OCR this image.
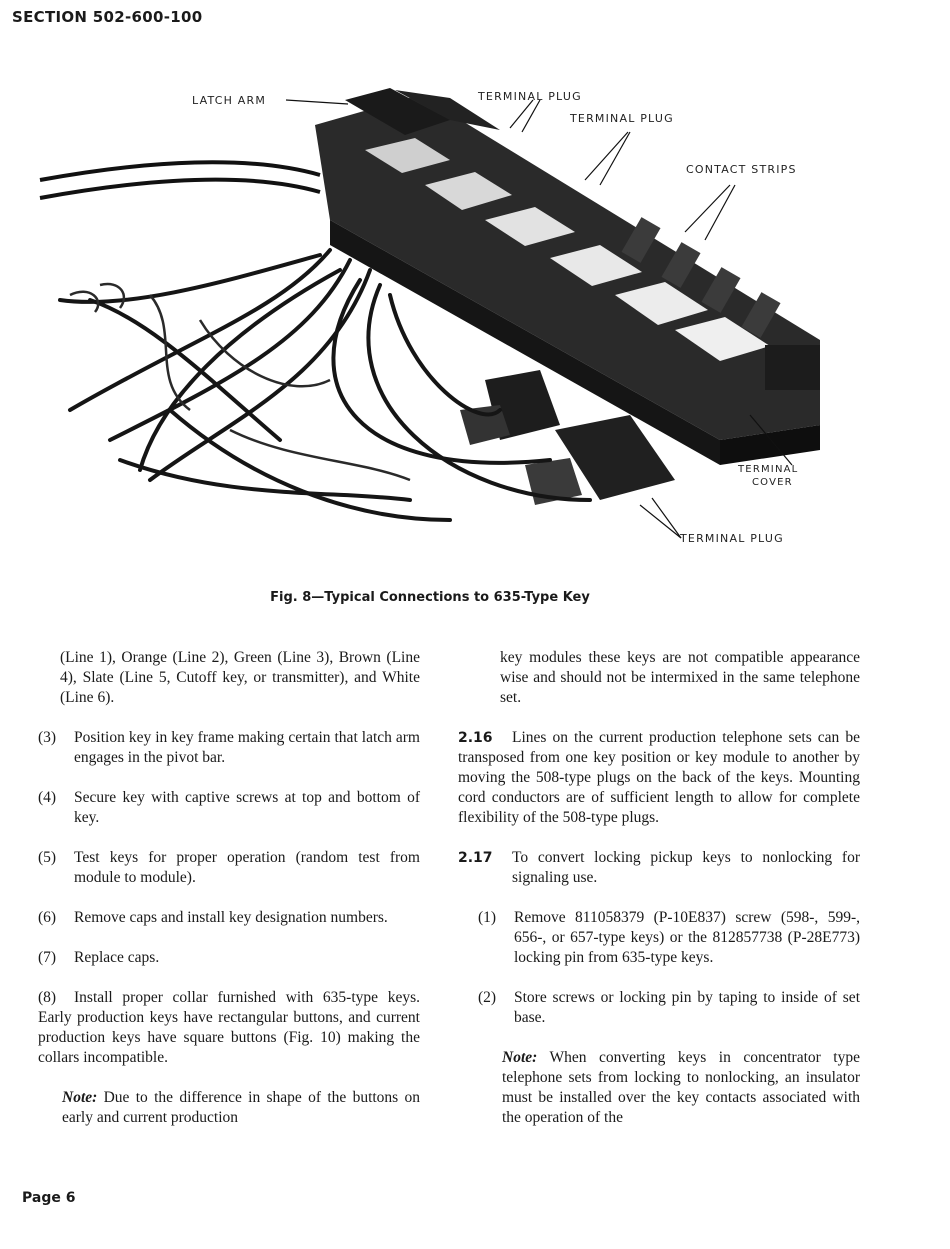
SECTION 502-600-100
LATCH ARM	TERMINAL PLUG
TERMINAL PLUG
CONTACT STRIPS
TERMINAL
COVER
TERMINAL PLUG
Fig. 8—Typical Connections to 635-Type Key

(Line 1), Orange (Line 2), Green (Line 3), Brown (Line 4), Slate (Line 5, Cutoff key, or transmitter), and White (Line 6).

(3) Position key in key frame making certain that latch arm engages in the pivot bar.

(4) Secure key with captive screws at top and bottom of key.

(5) Test keys for proper operation (random test from module to module).

(6) Remove caps and install key designation numbers.

(7) Replace caps.

(8) Install proper collar furnished with 635-type keys. Early production keys have rectangular buttons, and current production keys have square buttons (Fig. 10) making the collars incompatible.

Note: Due to the difference in shape of the buttons on early and current production

key modules these keys are not compatible appearance wise and should not be intermixed in the same telephone set.

2.16 Lines on the current production telephone sets can be transposed from one key position or key module to another by moving the 508-type plugs on the back of the keys. Mounting cord conductors are of sufficient length to allow for complete flexibility of the 508-type plugs.

2.17 To convert locking pickup keys to nonlocking for signaling use.

(1) Remove 811058379 (P-10E837) screw (598-, 599-, 656-, or 657-type keys) or the 812857738 (P-28E773) locking pin from 635-type keys.

(2) Store screws or locking pin by taping to inside of set base.

Note: When converting keys in concentrator type telephone sets from locking to nonlocking, an insulator must be installed over the key contacts associated with the operation of the

Page 6
